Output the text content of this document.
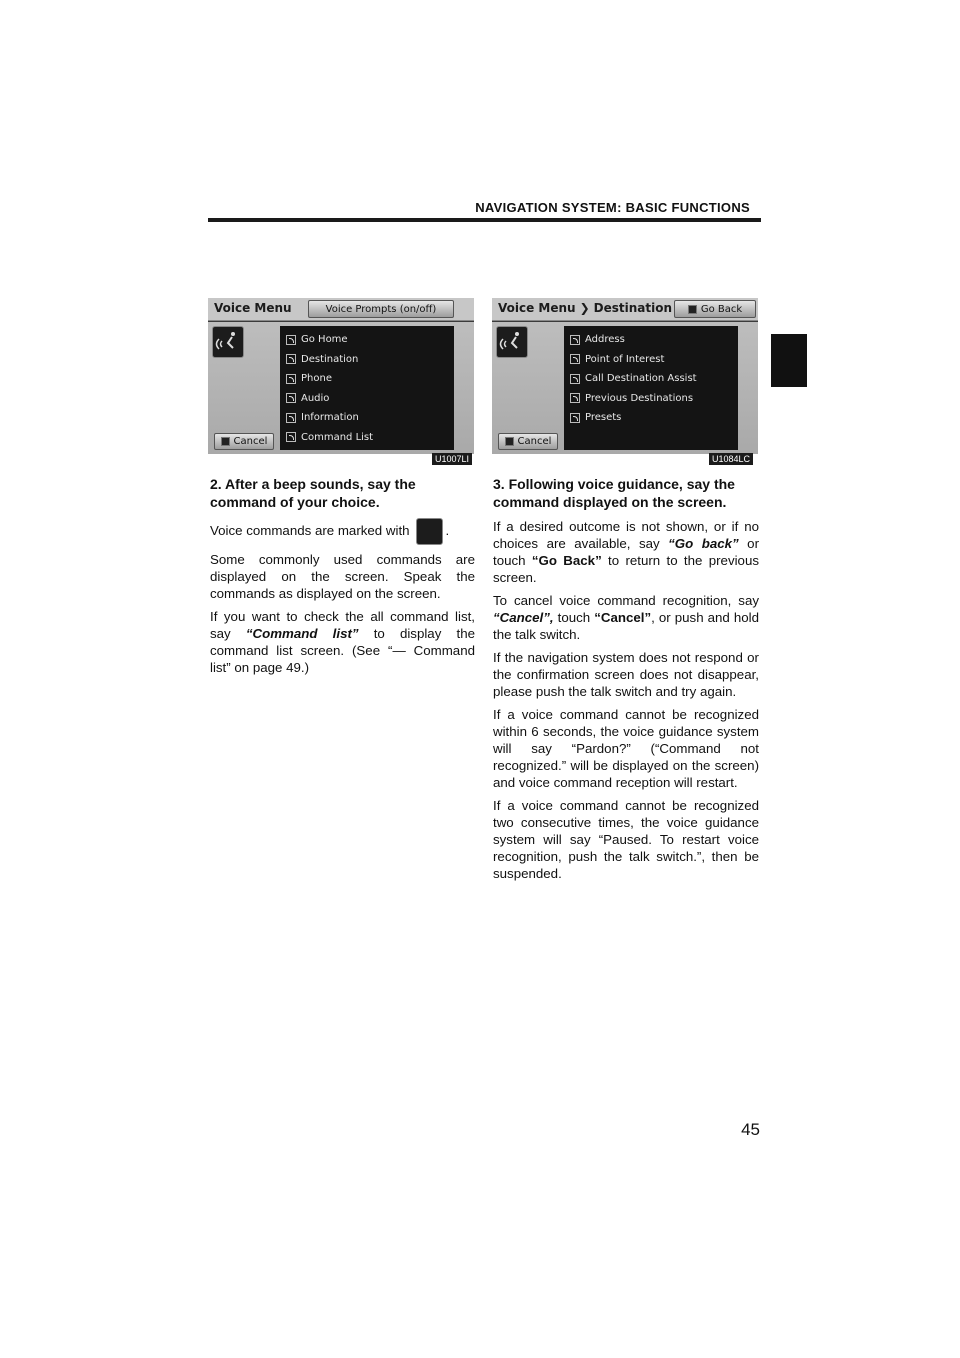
NAVIGATION SYSTEM: BASIC FUNCTIONS
Voice Menu	Voice Prompts (on/off)
Go Home
Destination
Phone
Audio
Information
Command List
Cancel
U1007LI
Voice Menu ❯ Destination	Go Back
Address
Point of Interest
Call Destination Assist
Previous Destinations
Presets
Cancel
U1084LC

2. After a beep sounds, say the command of your choice.

Voice commands are marked with	.

Some commonly used commands are displayed on the screen. Speak the commands as displayed on the screen.

If you want to check the all command list, say “Command list” to display the command list screen. (See “— Command list” on page 49.)

3. Following voice guidance, say the command displayed on the screen.

If a desired outcome is not shown, or if no choices are available, say “Go back” or touch “Go Back” to return to the previous screen.

To cancel voice command recognition, say “Cancel”, touch “Cancel”, or push and hold the talk switch.

If the navigation system does not respond or the confirmation screen does not disappear, please push the talk switch and try again.

If a voice command cannot be recognized within 6 seconds, the voice guidance system will say “Pardon?” (“Command not recognized.” will be displayed on the screen) and voice command reception will restart.

If a voice command cannot be recognized two consecutive times, the voice guidance system will say “Paused. To restart voice recognition, push the talk switch.”, then be suspended.

45
